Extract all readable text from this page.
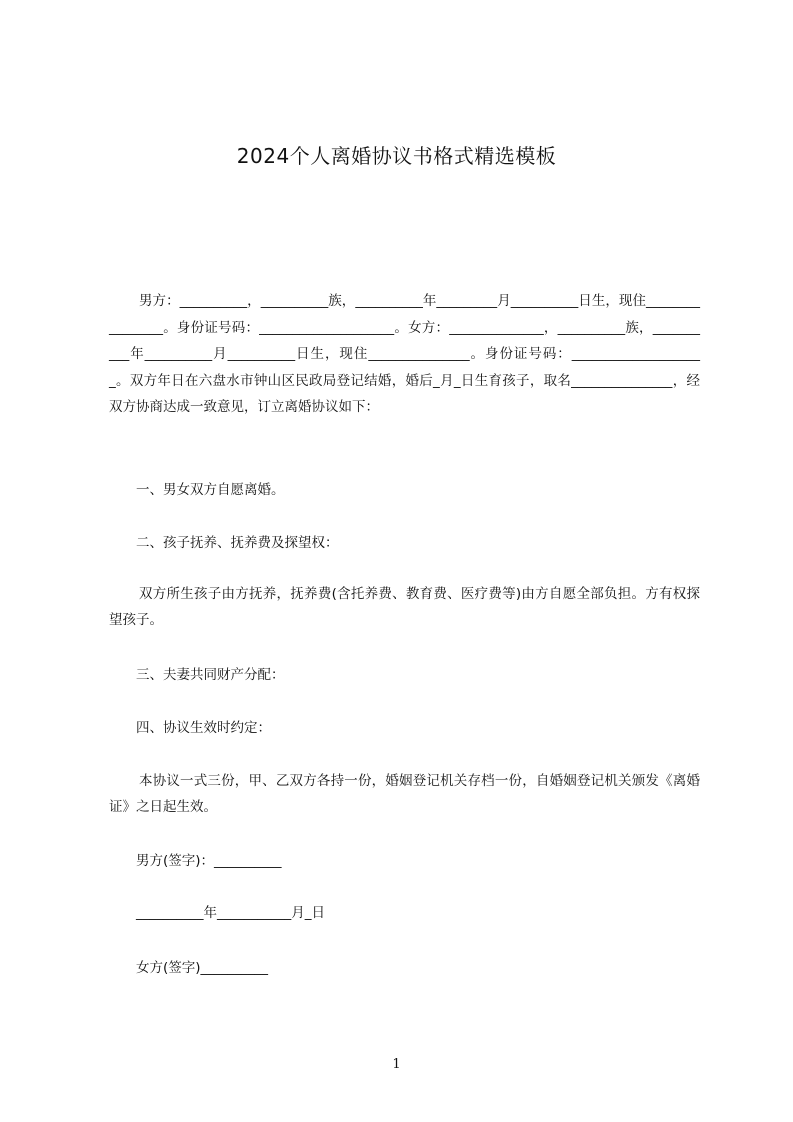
2024个人离婚协议书格式精选模板
男方：__________，__________族，__________年_________月__________日生，现住________________。身份证号码：____________________。女方：______________，__________族，__________年__________月__________日生，现住_______________。身份证号码：____________________。双方年日在六盘水市钟山区民政局登记结婚，婚后_月_日生育孩子，取名_______________，经双方协商达成一致意见，订立离婚协议如下：
一、男女双方自愿离婚。
二、孩子抚养、抚养费及探望权：
双方所生孩子由方抚养，抚养费(含托养费、教育费、医疗费等)由方自愿全部负担。方有权探望孩子。
三、夫妻共同财产分配：
四、协议生效时约定：
本协议一式三份，甲、乙双方各持一份，婚姻登记机关存档一份，自婚姻登记机关颁发《离婚证》之日起生效。
男方(签字)：__________
__________年___________月_日
女方(签字)__________
1
